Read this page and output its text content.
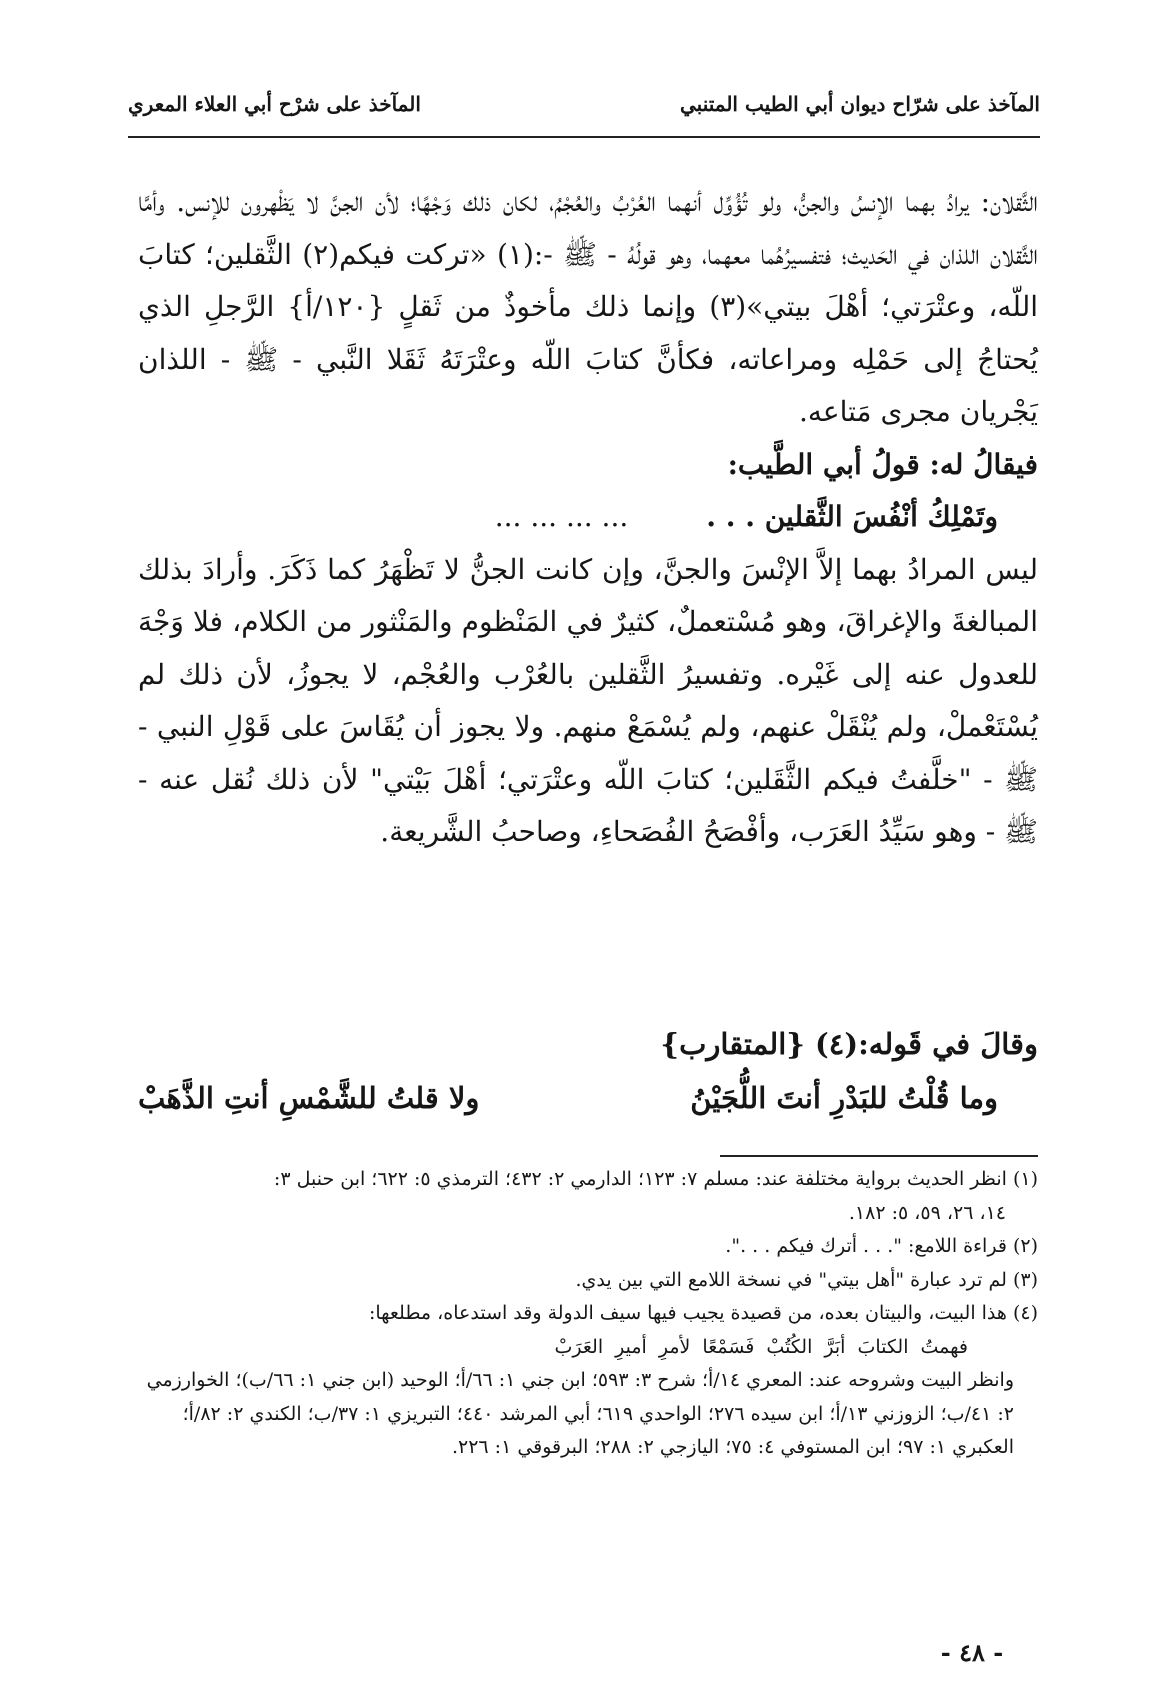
المآخذ على شرّاح ديوان أبي الطيب المتنبي
المآخذ على شرْح أبي العلاء المعري

الثَّقلان: يرادُ بهما الإنسُ والجنُّ، ولو تُؤُوِّل أنهما العُرْبُ والعُجْمُ، لكان ذلك وَجْهًا؛ لأن الجنَّ لا يَظْهرون للإنس. وأمَّا الثَّقلان اللذان في الحَديث؛ فتفسيرُهُما معهما، وهو قولُهُ - ﷺ -:(١) «تركت فيكم(٢) الثَّقلين؛ كتابَ اللّه، وعتْرَتي؛ أهْلَ بيتي»(٣) وإنما ذلك مأخوذٌ من ثَقلٍ {١٢٠/أ} الرَّجلِ الذي يُحتاجُ إلى حَمْلِه ومراعاته، فكأنَّ كتابَ اللّه وعتْرَتَهُ ثَقَلا النَّبي - ﷺ - اللذان يَجْريان مجرى مَتاعه.

فيقالُ له: قولُ أبي الطَّيب:

وتَمْلِكُ أنْفُسَ الثَّقلين . . .        ... ... ... ...

ليس المرادُ بهما إلاَّ الإنْسَ والجنَّ، وإن كانت الجنُّ لا تَظْهَرُ كما ذَكَرَ. وأرادَ بذلك المبالغةَ والإغراقَ، وهو مُسْتعملٌ، كثيرٌ في المَنْظوم والمَنْثور من الكلام، فلا وَجْهَ للعدول عنه إلى غَيْره. وتفسيرُ الثَّقلين بالعُرْب والعُجْم، لا يجوزُ، لأن ذلك لم يُسْتَعْملْ، ولم يُنْقَلْ عنهم، ولم يُسْمَعْ منهم. ولا يجوز أن يُقَاسَ على قَوْلِ النبي - ﷺ - "خلَّفتُ فيكم الثَّقَلين؛ كتابَ اللّه وعتْرَتي؛ أهْلَ بَيْتي" لأن ذلك نُقل عنه - ﷺ - وهو سَيِّدُ العَرَب، وأفْصَحُ الفُصَحاءِ، وصاحبُ الشَّريعة.

وقالَ في قَوله:(٤) {المتقارب}
وما قُلْتُ للبَدْرِ أنتَ اللُّجَيْنُ
ولا قلتُ للشَّمْسِ أنتِ الذَّهَبْ

(١) انظر الحديث برواية مختلفة عند: مسلم ٧: ١٢٣؛ الدارمي ٢: ٤٣٢؛ الترمذي ٥: ٦٢٢؛ ابن حنبل ٣:

١٤، ٢٦، ٥٩، ٥: ١٨٢.

(٢) قراءة اللامع: ". . . أترك فيكم . . .".

(٣) لم ترد عبارة "أهل بيتي" في نسخة اللامع التي بين يدي.

(٤) هذا البيت، والبيتان بعده، من قصيدة يجيب فيها سيف الدولة وقد استدعاه، مطلعها:

فهمتُ الكتابَ أبَرَّ الكُتُبْ فَسَمْعًا لأمرِ أميرِ العَرَبْ

وانظر البيت وشروحه عند: المعري ١٤/أ؛ شرح ٣: ٥٩٣؛ ابن جني ١: ٦٦/أ؛ الوحيد (ابن جني ١: ٦٦/ب)؛ الخوارزمي ٢: ٤١/ب؛ الزوزني ١٣/أ؛ ابن سيده ٢٧٦؛ الواحدي ٦١٩؛ أبي المرشد ٤٤٠؛ التبريزي ١: ٣٧/ب؛ الكندي ٢: ٨٢/أ؛ العكبري ١: ٩٧؛ ابن المستوفي ٤: ٧٥؛ اليازجي ٢: ٢٨٨؛ البرقوقي ١: ٢٢٦.

- ٤٨ -
